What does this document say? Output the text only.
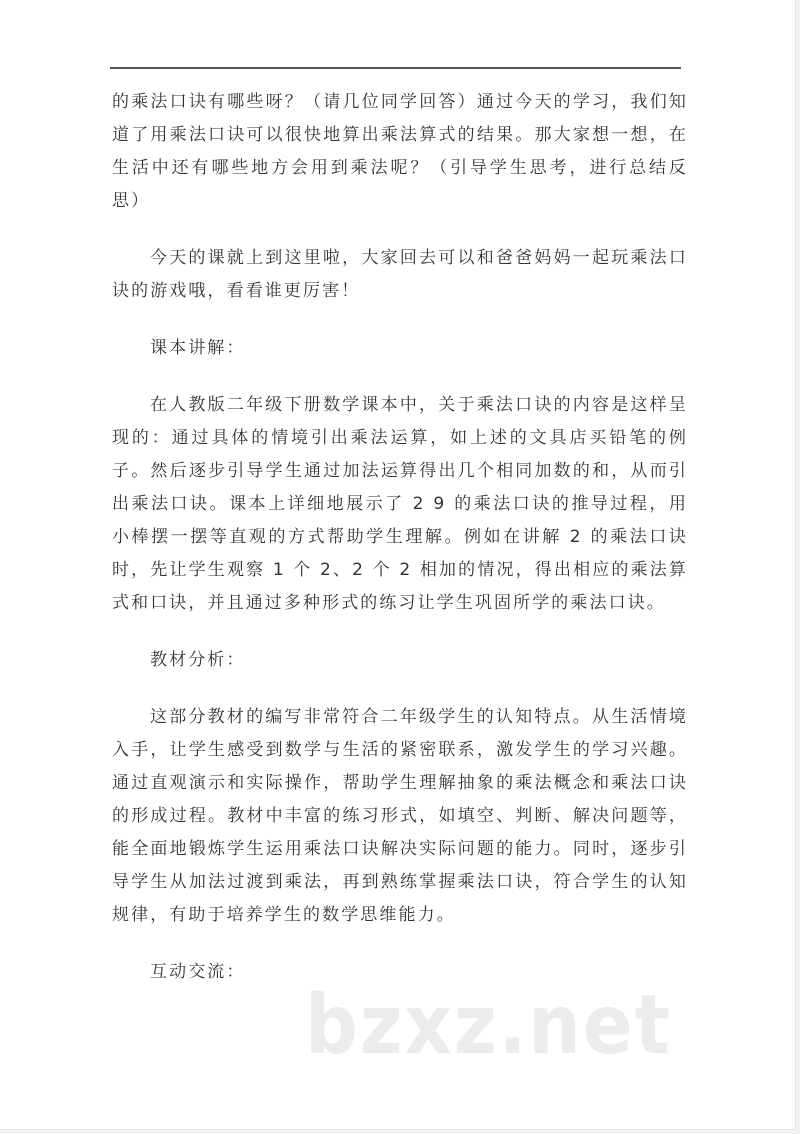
的乘法口诀有哪些呀？（请几位同学回答）通过今天的学习，我们知道了用乘法口诀可以很快地算出乘法算式的结果。那大家想一想，在生活中还有哪些地方会用到乘法呢？（引导学生思考，进行总结反思）

今天的课就上到这里啦，大家回去可以和爸爸妈妈一起玩乘法口诀的游戏哦，看看谁更厉害！

课本讲解：

在人教版二年级下册数学课本中，关于乘法口诀的内容是这样呈现的：通过具体的情境引出乘法运算，如上述的文具店买铅笔的例子。然后逐步引导学生通过加法运算得出几个相同加数的和，从而引出乘法口诀。课本上详细地展示了 2 9 的乘法口诀的推导过程，用小棒摆一摆等直观的方式帮助学生理解。例如在讲解 2 的乘法口诀时，先让学生观察 1 个 2、2 个 2 相加的情况，得出相应的乘法算式和口诀，并且通过多种形式的练习让学生巩固所学的乘法口诀。

教材分析：

这部分教材的编写非常符合二年级学生的认知特点。从生活情境入手，让学生感受到数学与生活的紧密联系，激发学生的学习兴趣。通过直观演示和实际操作，帮助学生理解抽象的乘法概念和乘法口诀的形成过程。教材中丰富的练习形式，如填空、判断、解决问题等，能全面地锻炼学生运用乘法口诀解决实际问题的能力。同时，逐步引导学生从加法过渡到乘法，再到熟练掌握乘法口诀，符合学生的认知规律，有助于培养学生的数学思维能力。

互动交流：

bzxz.net
